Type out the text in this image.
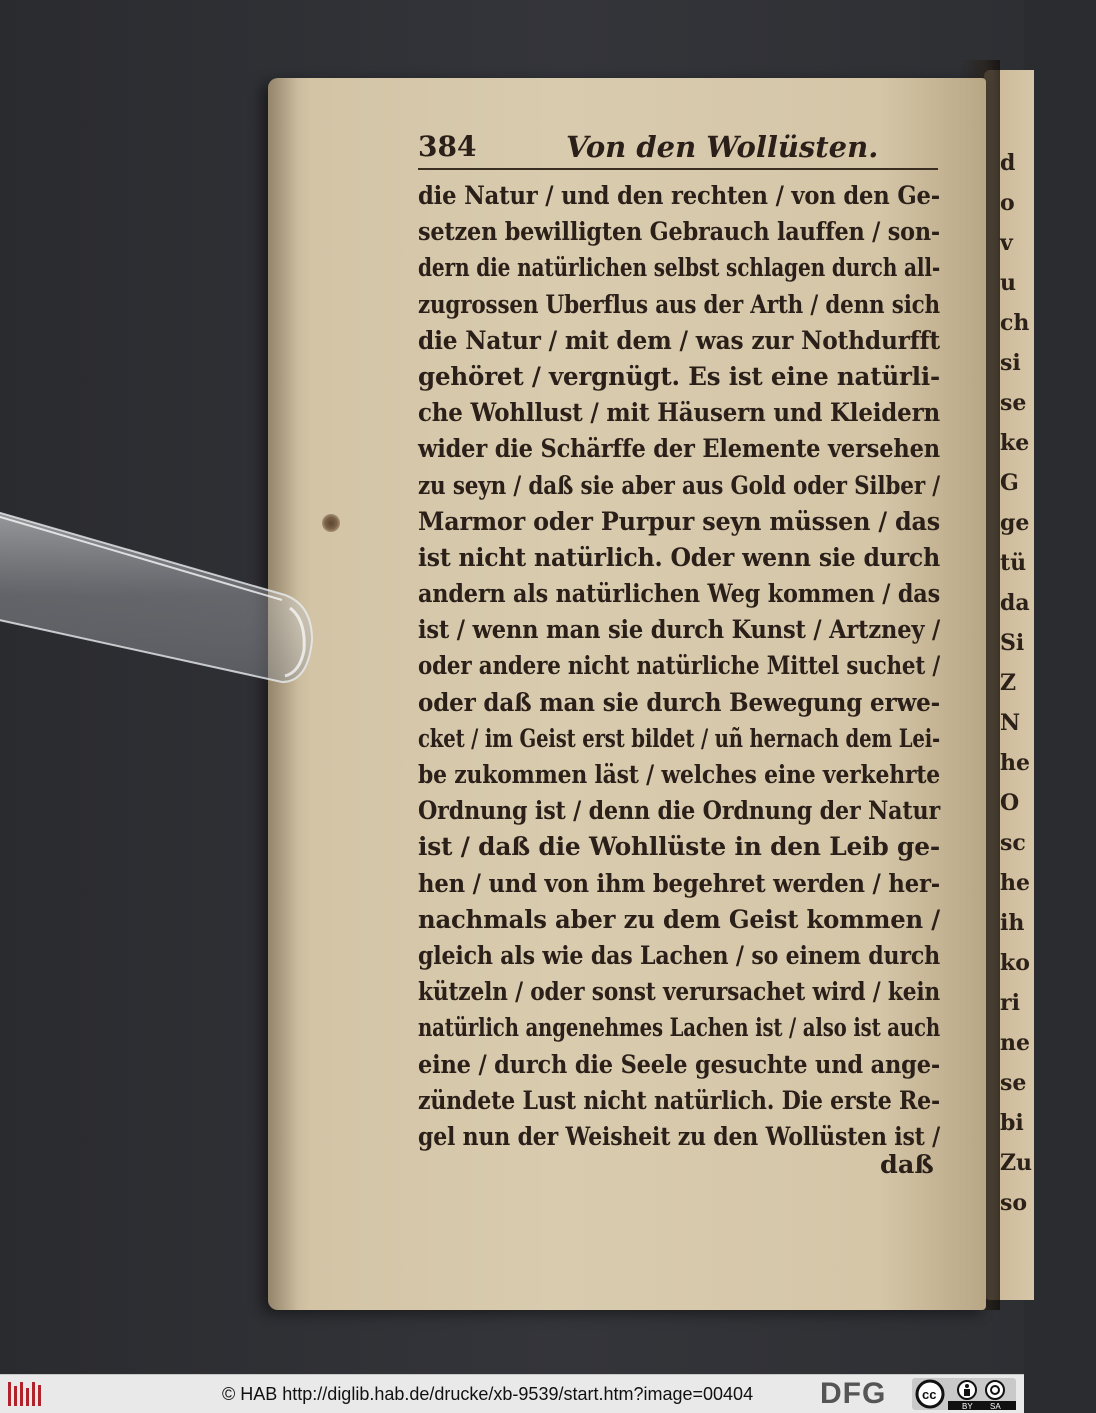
d
o
v
u
ch
si
se
ke
G
ge
tü
da
Si
Z
N
he
O
sc
he
ih
ko
ri
ne
se
bi
Zu
so
384	Von den Wollüsten.
die Natur / und den rechten / von den Ge-
setzen bewilligten Gebrauch lauffen / son-
dern die natürlichen selbst schlagen durch all-
zugrossen Uberflus aus der Arth / denn sich
die Natur / mit dem / was zur Nothdurfft
gehöret / vergnügt. Es ist eine natürli-
che Wohllust / mit Häusern und Kleidern
wider die Schärffe der Elemente versehen
zu seyn / daß sie aber aus Gold oder Silber /
Marmor oder Purpur seyn müssen / das
ist nicht natürlich. Oder wenn sie durch
andern als natürlichen Weg kommen / das
ist / wenn man sie durch Kunst / Artzney /
oder andere nicht natürliche Mittel suchet /
oder daß man sie durch Bewegung erwe-
cket / im Geist erst bildet / uñ hernach dem Lei-
be zukommen läst / welches eine verkehrte
Ordnung ist / denn die Ordnung der Natur
ist / daß die Wohllüste in den Leib ge-
hen / und von ihm begehret werden / her-
nachmals aber zu dem Geist kommen /
gleich als wie das Lachen / so einem durch
kützeln / oder sonst verursachet wird / kein
natürlich angenehmes Lachen ist / also ist auch
eine / durch die Seele gesuchte und ange-
zündete Lust nicht natürlich. Die erste Re-
gel nun der Weisheit zu den Wollüsten ist /
daß
© HAB http://diglib.hab.de/drucke/xb-9539/start.htm?image=00404 DFG	cc
BY SA
